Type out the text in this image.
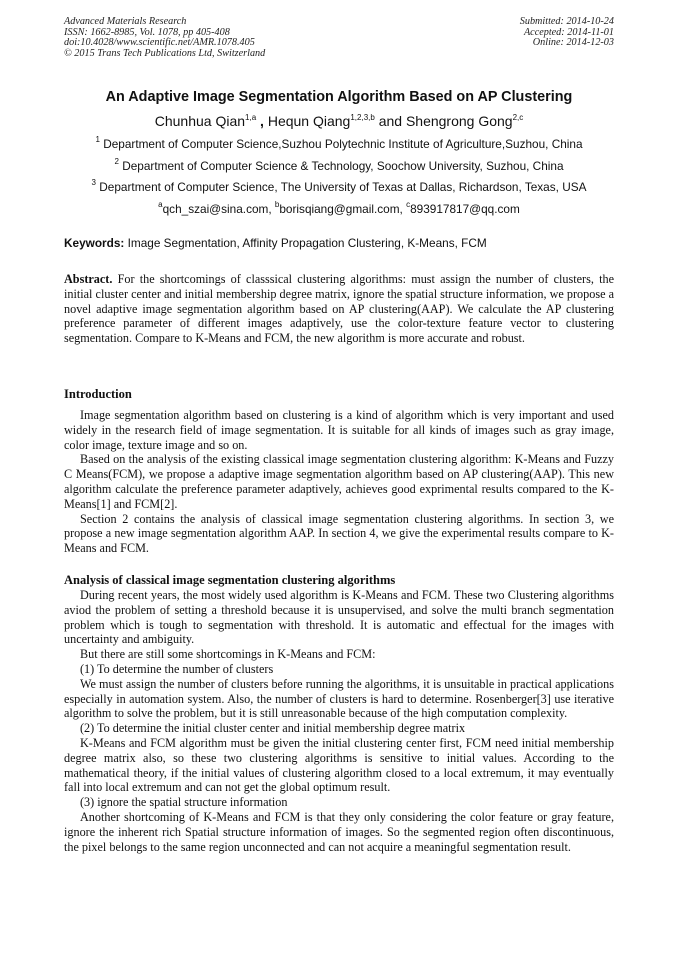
Advanced Materials Research
ISSN: 1662-8985, Vol. 1078, pp 405-408
doi:10.4028/www.scientific.net/AMR.1078.405
© 2015 Trans Tech Publications Ltd, Switzerland
Submitted: 2014-10-24
Accepted: 2014-11-01
Online: 2014-12-03
An Adaptive Image Segmentation Algorithm Based on AP Clustering
Chunhua Qian$^{1,a}$ , Hequn Qiang$^{1,2,3,b}$ and Shengrong Gong$^{2,c}$
$^1$ Department of Computer Science,Suzhou Polytechnic Institute of Agriculture,Suzhou, China
$^2$ Department of Computer Science & Technology, Soochow University, Suzhou, China
$^3$ Department of Computer Science, The University of Texas at Dallas, Richardson, Texas, USA
$^a$qch_szai@sina.com, $^b$borisqiang@gmail.com, $^c$893917817@qq.com
Keywords: Image Segmentation, Affinity Propagation Clustering, K-Means, FCM
Abstract. For the shortcomings of classsical clustering algorithms: must assign the number of clusters, the initial cluster center and initial membership degree matrix, ignore the spatial structure information, we propose a novel adaptive image segmentation algorithm based on AP clustering(AAP). We calculate the AP clustering preference parameter of different images adaptively, use the color-texture feature vector to clustering segmentation. Compare to K-Means and FCM, the new algorithm is more accurate and robust.
Introduction

Image segmentation algorithm based on clustering is a kind of algorithm which is very important and used widely in the research field of image segmentation. It is suitable for all kinds of images such as gray image, color image, texture image and so on.

Based on the analysis of the existing classical image segmentation clustering algorithm: K-Means and Fuzzy C Means(FCM), we propose a adaptive image segmentation algorithm based on AP clustering(AAP). This new algorithm calculate the preference parameter adaptively, achieves good exprimental results compared to the K-Means[1] and FCM[2].

Section 2 contains the analysis of classical image segmentation clustering algorithms. In section 3, we propose a new image segmentation algorithm AAP. In section 4, we give the experimental results compare to K-Means and FCM.

Analysis of classical image segmentation clustering algorithms

During recent years, the most widely used algorithm is K-Means and FCM. These two Clustering algorithms aviod the problem of setting a threshold because it is unsupervised, and solve the multi branch segmentation problem which is tough to segmentation with threshold. It is automatic and effectual for the images with uncertainty and ambiguity.

But there are still some shortcomings in K-Means and FCM:

(1) To determine the number of clusters

We must assign the number of clusters before running the algorithms, it is unsuitable in practical applications especially in automation system. Also, the number of clusters is hard to determine. Rosenberger[3] use iterative algorithm to solve the problem, but it is still unreasonable because of the high computation complexity.

(2) To determine the initial cluster center and initial membership degree matrix

K-Means and FCM algorithm must be given the initial clustering center first, FCM need initial membership degree matrix also, so these two clustering algorithms is sensitive to initial values. According to the mathematical theory, if the initial values of clustering algorithm closed to a local extremum, it may eventually fall into local extremum and can not get the global optimum result.

(3) ignore the spatial structure information

Another shortcoming of K-Means and FCM is that they only considering the color feature or gray feature, ignore the inherent rich Spatial structure information of images. So the segmented region often discontinuous, the pixel belongs to the same region unconnected and can not acquire a meaningful segmentation result.
